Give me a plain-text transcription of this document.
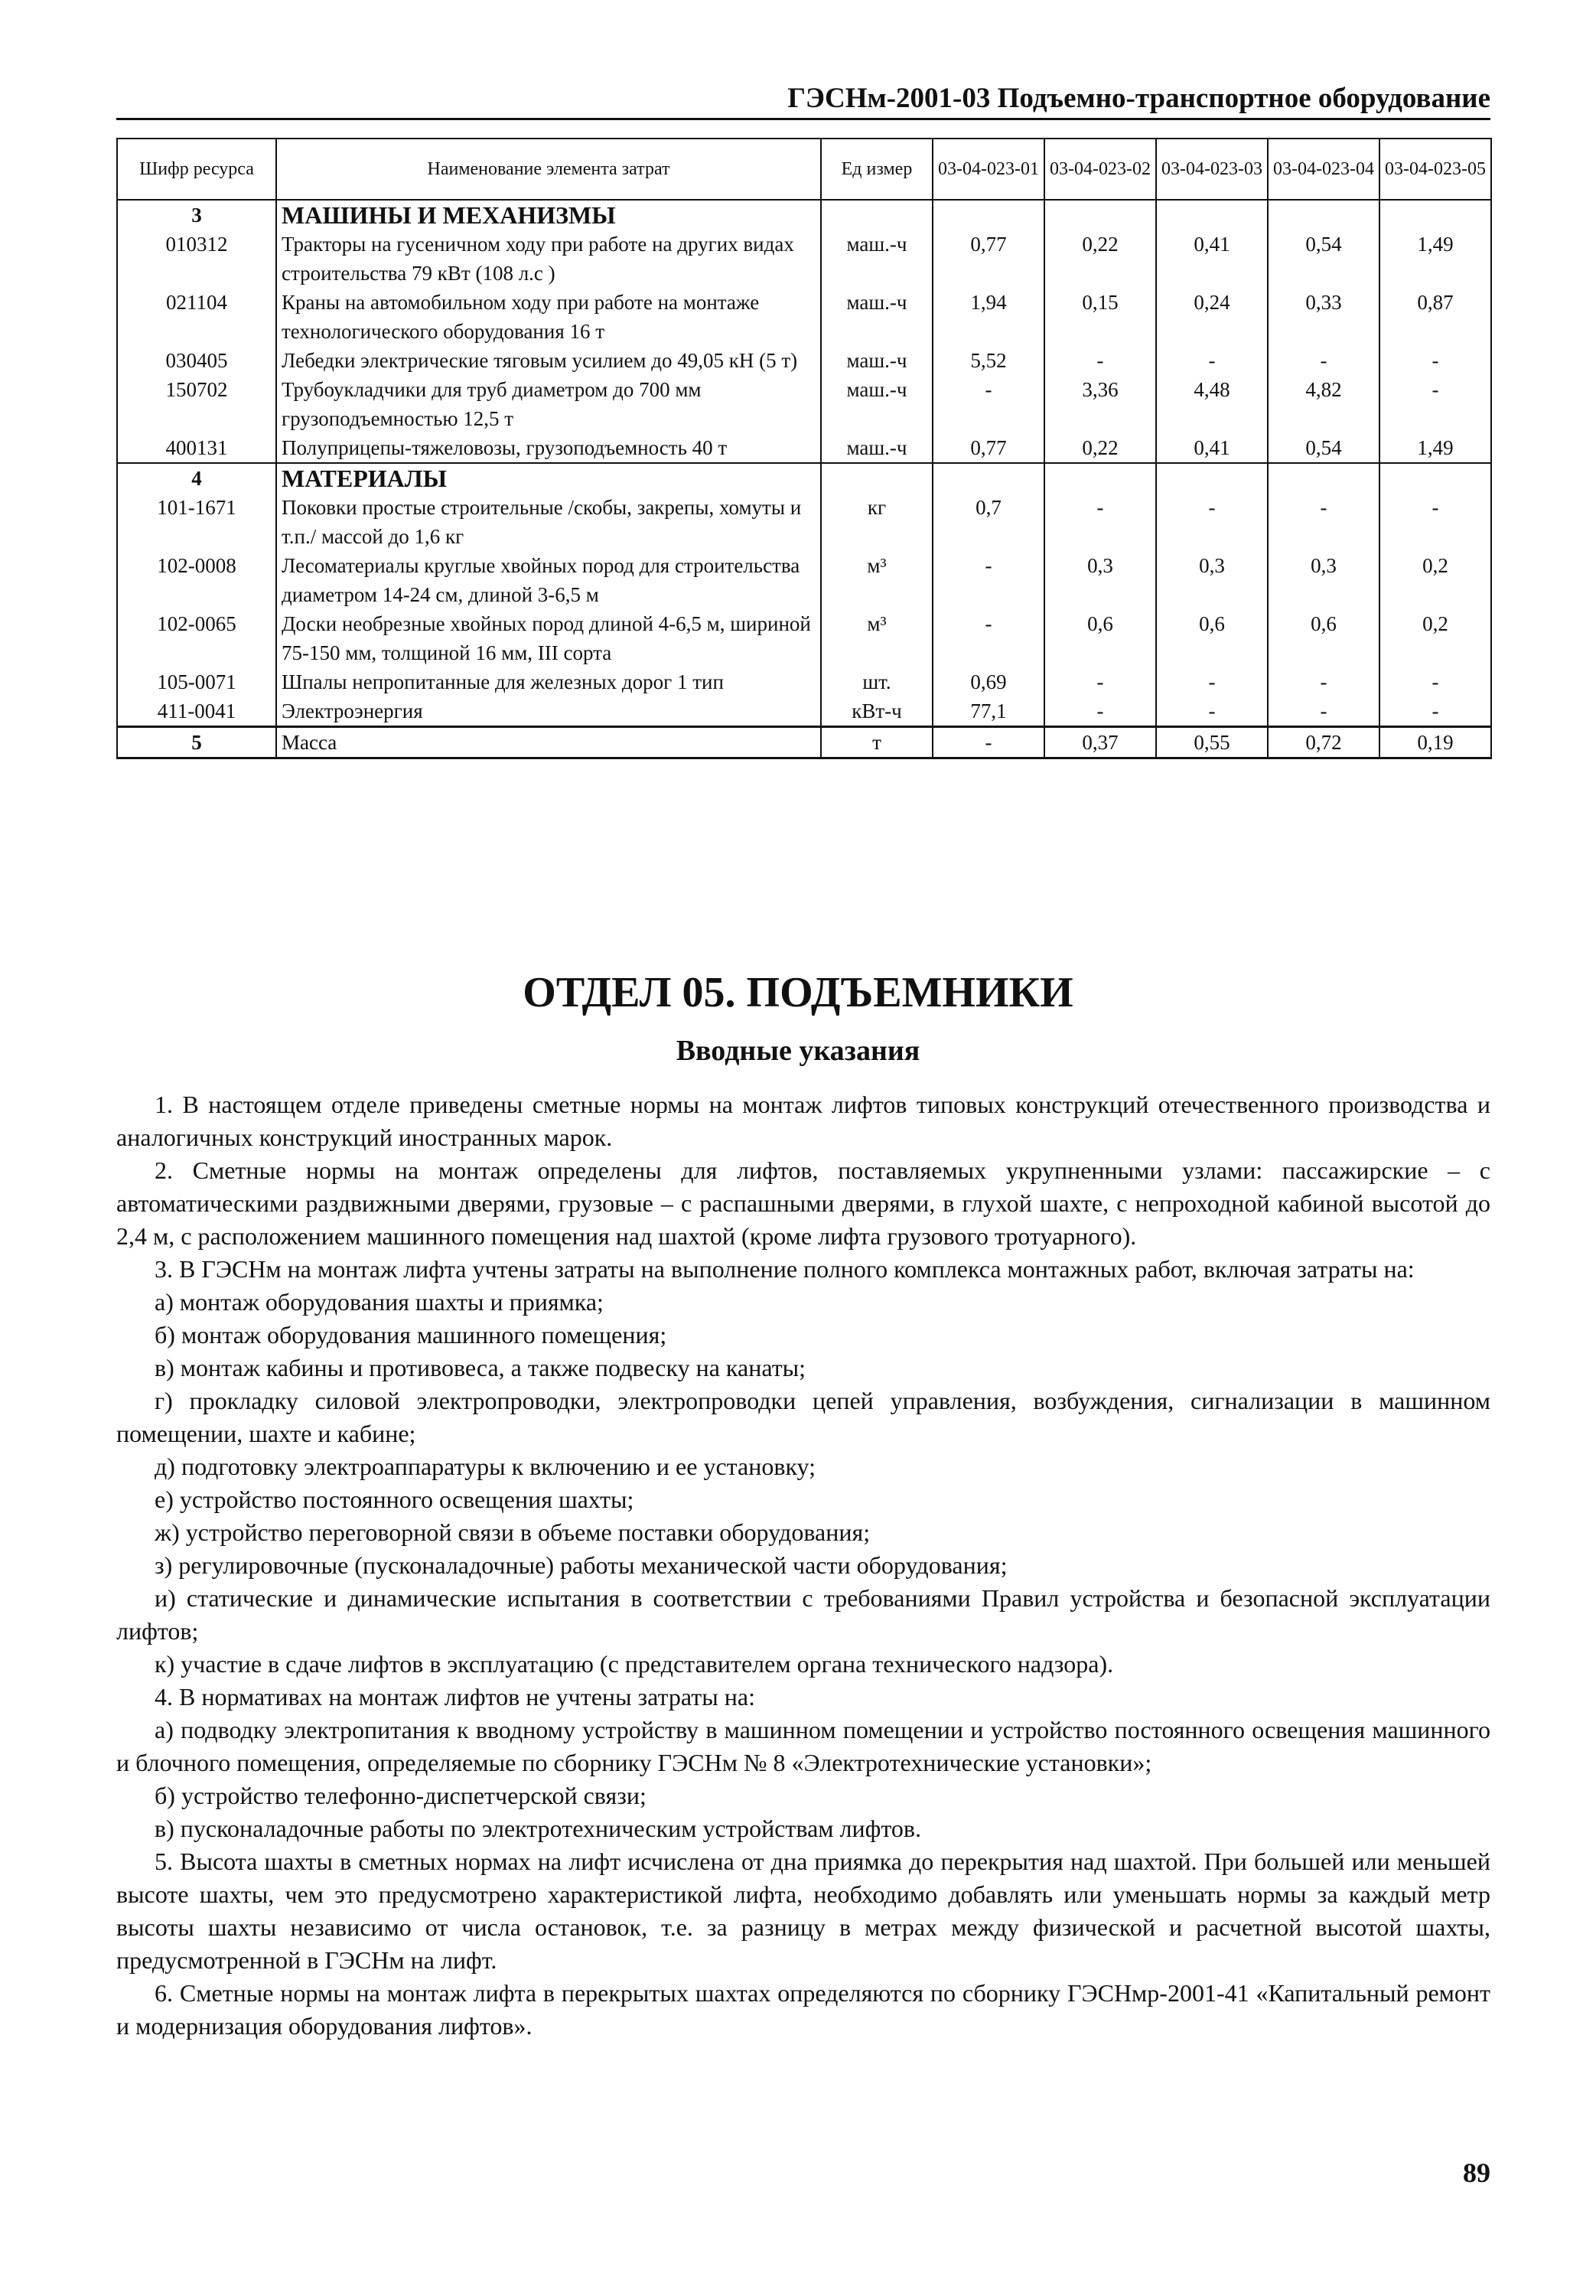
ГЭСНм-2001-03 Подъемно-транспортное оборудование
Шифр ресурса	Наименование элемента затрат	Ед измер	03-04-023-01	03-04-023-02	03-04-023-03	03-04-023-04	03-04-023-05
3	МАШИНЫ И МЕХАНИЗМЫ						
010312	Тракторы на гусеничном ходу при работе на других видах строительства 79 кВт (108 л.с )	маш.-ч	0,77	0,22	0,41	0,54	1,49
021104	Краны на автомобильном ходу при работе на монтаже технологического оборудования 16 т	маш.-ч	1,94	0,15	0,24	0,33	0,87
030405	Лебедки электрические тяговым усилием до 49,05 кН (5 т)	маш.-ч	5,52	-	-	-	-
150702	Трубоукладчики для труб диаметром до 700 мм грузоподъемностью 12,5 т	маш.-ч	-	3,36	4,48	4,82	-
400131	Полуприцепы-тяжеловозы, грузоподъемность 40 т	маш.-ч	0,77	0,22	0,41	0,54	1,49
4	МАТЕРИАЛЫ						
101-1671	Поковки простые строительные /скобы, закрепы, хомуты и т.п./ массой до 1,6 кг	кг	0,7	-	-	-	-
102-0008	Лесоматериалы круглые хвойных пород для строительства диаметром 14-24 см, длиной 3-6,5 м	м³	-	0,3	0,3	0,3	0,2
102-0065	Доски необрезные хвойных пород длиной 4-6,5 м, шириной 75-150 мм, толщиной 16 мм, III сорта	м³	-	0,6	0,6	0,6	0,2
105-0071	Шпалы непропитанные для железных дорог 1 тип	шт.	0,69	-	-	-	-
411-0041	Электроэнергия	кВт-ч	77,1	-	-	-	-
5	Масса	т	-	0,37	0,55	0,72	0,19
ОТДЕЛ 05. ПОДЪЕМНИКИ
Вводные указания

1. В настоящем отделе приведены сметные нормы на монтаж лифтов типовых конструкций отечественного производства и аналогичных конструкций иностранных марок.

2. Сметные нормы на монтаж определены для лифтов, поставляемых укрупненными узлами: пассажирские – с автоматическими раздвижными дверями, грузовые – с распашными дверями, в глухой шахте, с непроходной кабиной высотой до 2,4 м, с расположением машинного помещения над шахтой (кроме лифта грузового тротуарного).

3. В ГЭСНм на монтаж лифта учтены затраты на выполнение полного комплекса монтажных работ, включая затраты на:

а) монтаж оборудования шахты и приямка;

б) монтаж оборудования машинного помещения;

в) монтаж кабины и противовеса, а также подвеску на канаты;

г) прокладку силовой электропроводки, электропроводки цепей управления, возбуждения, сигнализации в машинном помещении, шахте и кабине;

д) подготовку электроаппаратуры к включению и ее установку;

е) устройство постоянного освещения шахты;

ж) устройство переговорной связи в объеме поставки оборудования;

з) регулировочные (пусконаладочные) работы механической части оборудования;

и) статические и динамические испытания в соответствии с требованиями Правил устройства и безопасной эксплуатации лифтов;

к) участие в сдаче лифтов в эксплуатацию (с представителем органа технического надзора).

4. В нормативах на монтаж лифтов не учтены затраты на:

а) подводку электропитания к вводному устройству в машинном помещении и устройство постоянного освещения машинного и блочного помещения, определяемые по сборнику ГЭСНм № 8 «Электротехнические установки»;

б) устройство телефонно-диспетчерской связи;

в) пусконаладочные работы по электротехническим устройствам лифтов.

5. Высота шахты в сметных нормах на лифт исчислена от дна приямка до перекрытия над шахтой. При большей или меньшей высоте шахты, чем это предусмотрено характеристикой лифта, необходимо добавлять или уменьшать нормы за каждый метр высоты шахты независимо от числа остановок, т.е. за разницу в метрах между физической и расчетной высотой шахты, предусмотренной в ГЭСНм на лифт.

6. Сметные нормы на монтаж лифта в перекрытых шахтах определяются по сборнику ГЭСНмр-2001-41 «Капитальный ремонт и модернизация оборудования лифтов».

89
